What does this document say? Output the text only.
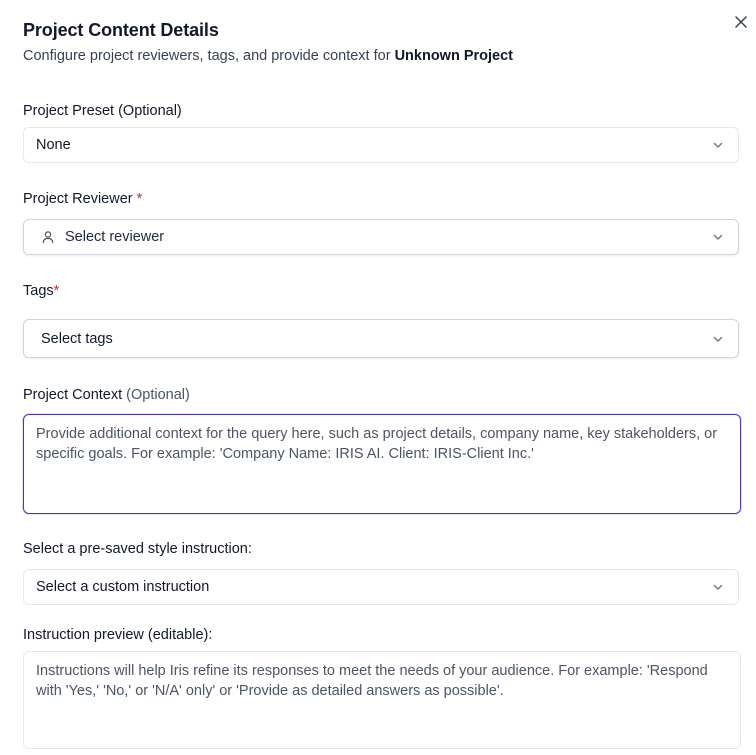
Project Content Details
Configure project reviewers, tags, and provide context for Unknown Project
Project Preset (Optional)
None
Project Reviewer *
Select reviewer
Tags*
Select tags
Project Context (Optional)
Provide additional context for the query here, such as project details, company name, key stakeholders, or specific goals. For example: 'Company Name: IRIS AI. Client: IRIS-Client Inc.'
Select a pre-saved style instruction:
Select a custom instruction
Instruction preview (editable):
Instructions will help Iris refine its responses to meet the needs of your audience. For example: 'Respond with 'Yes,' 'No,' or 'N/A' only' or 'Provide as detailed answers as possible'.
